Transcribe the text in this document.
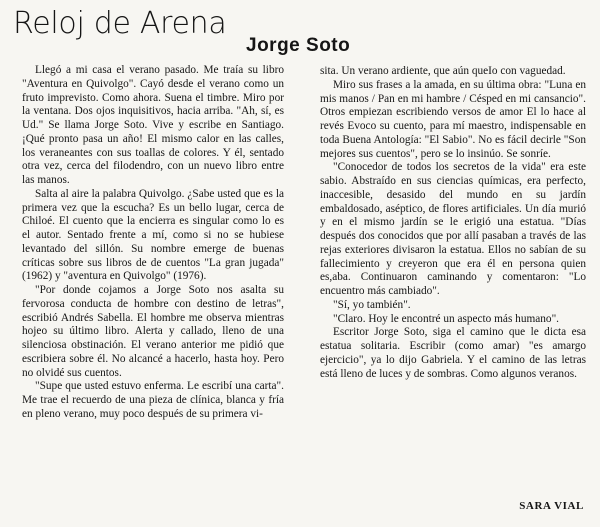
Reloj de Arena
Jorge Soto

Llegó a mi casa el verano pasado. Me traía su libro "Aventura en Quivolgo". Cayó desde el verano como un fruto imprevisto. Como ahora. Suena el timbre. Miro por la ventana. Dos ojos inquisitivos, hacia arriba. "Ah, sí, es Ud." Se llama Jorge Soto. Vive y escribe en Santiago. ¡Qué pronto pasa un año! El mismo calor en las calles, los veraneantes con sus toallas de colores. Y él, sentado otra vez, cerca del filodendro, con un nuevo libro entre las manos.

Salta al aire la palabra Quivolgo. ¿Sabe usted que es la primera vez que la escucha? Es un bello lugar, cerca de Chiloé. El cuento que la encierra es singular como lo es el autor. Sentado frente a mí, como si no se hubiese levantado del sillón. Su nombre emerge de buenas críticas sobre sus libros de de cuentos "La gran jugada" (1962) y "aventura en Quivolgo" (1976).

"Por donde cojamos a Jorge Soto nos asalta su fervorosa conducta de hombre con destino de letras", escribió Andrés Sabella. El hombre me observa mientras hojeo su último libro. Alerta y callado, lleno de una silenciosa obstinación. El verano anterior me pidió que escribiera sobre él. No alcancé a hacerlo, hasta hoy. Pero no olvidé sus cuentos.

"Supe que usted estuvo enferma. Le escribí una carta". Me trae el recuerdo de una pieza de clínica, blanca y fría en pleno verano, muy poco después de su primera vi-

sita. Un verano ardiente, que aún queIo con vaguedad.

Miro sus frases a la amada, en su última obra: "Luna en mis manos / Pan en mi hambre / Césped en mi cansancio". Otros empiezan escribiendo versos de amor El lo hace al revés Evoco su cuento, para mí maestro, indispensable en toda Buena Antología: "El Sabio". No es fácil decirle "Son mejores sus cuentos", pero se lo insinúo. Se sonríe.

"Conocedor de todos los secretos de la vida" era este sabio. Abstraído en sus ciencias químicas, era perfecto, inaccesible, desasido del mundo en su jardín embaldosado, aséptico, de flores artificiales. Un día murió y en el mismo jardín se le erigió una estatua. "Días después dos conocidos que por allí pasaban a través de las rejas exteriores divisaron la estatua. Ellos no sabían de su fallecimiento y creyeron que era él en persona quien es,aba. Continuaron caminando y comentaron: "Lo encuentro más cambiado".

"Sí, yo también".

"Claro. Hoy le encontré un aspecto más humano".

Escritor Jorge Soto, siga el camino que le dicta esa estatua solitaria. Escribir (como amar) "es amargo ejercicio", ya lo dijo Gabriela. Y el camino de las letras está lleno de luces y de sombras. Como algunos veranos.

SARA VIAL
